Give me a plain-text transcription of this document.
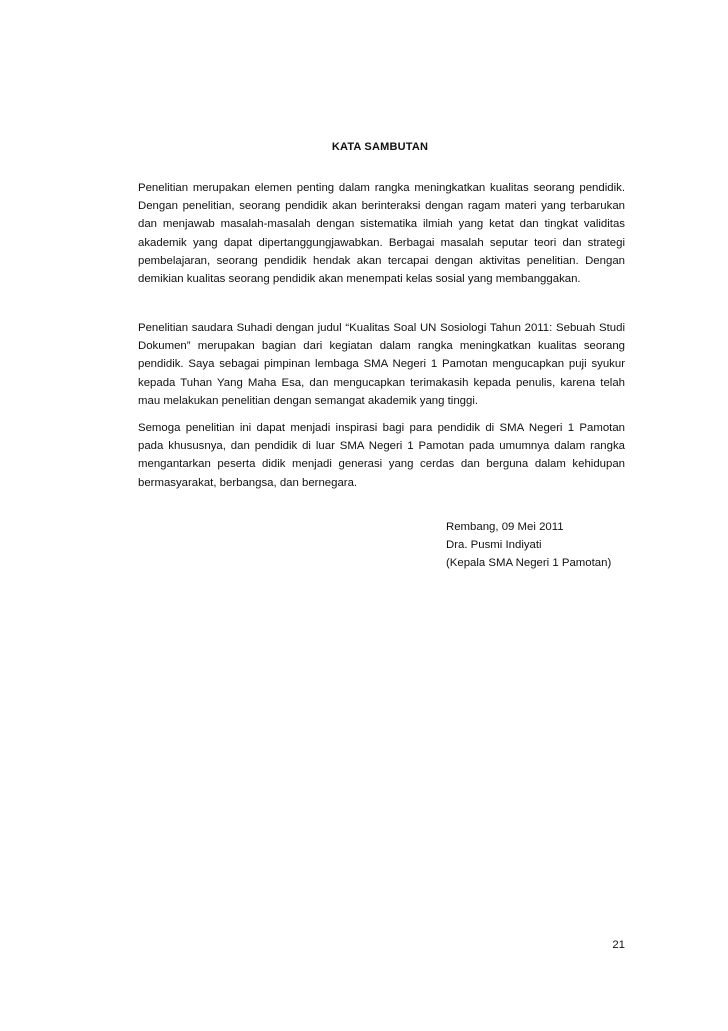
KATA SAMBUTAN

Penelitian merupakan elemen penting dalam rangka meningkatkan kualitas seorang pendidik. Dengan penelitian, seorang pendidik akan berinteraksi dengan ragam materi yang terbarukan dan menjawab masalah-masalah dengan sistematika ilmiah yang ketat dan tingkat validitas akademik yang dapat dipertanggungjawabkan. Berbagai masalah seputar teori dan strategi pembelajaran, seorang pendidik hendak akan tercapai dengan aktivitas penelitian. Dengan demikian kualitas seorang pendidik akan menempati kelas sosial yang membanggakan.

Penelitian saudara Suhadi dengan judul “Kualitas Soal UN Sosiologi Tahun 2011: Sebuah Studi Dokumen” merupakan bagian dari kegiatan dalam rangka meningkatkan kualitas seorang pendidik. Saya sebagai pimpinan lembaga SMA Negeri 1 Pamotan mengucapkan puji syukur kepada Tuhan Yang Maha Esa, dan mengucapkan terimakasih kepada penulis, karena telah mau melakukan penelitian dengan semangat akademik yang tinggi.

Semoga penelitian ini dapat menjadi inspirasi bagi para pendidik di SMA Negeri 1 Pamotan pada khususnya, dan pendidik di luar SMA Negeri 1 Pamotan pada umumnya dalam rangka mengantarkan peserta didik menjadi generasi yang cerdas dan berguna dalam kehidupan bermasyarakat, berbangsa, dan bernegara.

Rembang, 09 Mei 2011
Dra. Pusmi Indiyati
(Kepala SMA Negeri 1 Pamotan)
21
